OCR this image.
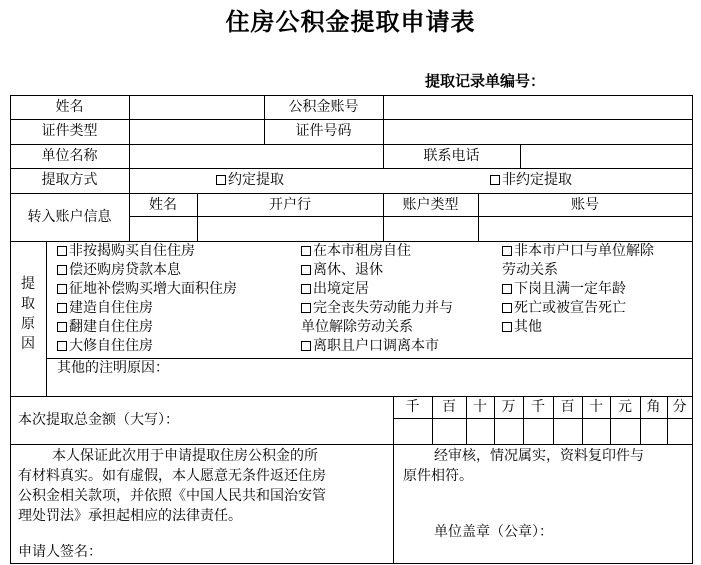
住房公积金提取申请表
提取记录单编号：
姓名	公积金账号
证件类型	证件号码
单位名称	联系电话
提取方式	约定提取	非约定提取
转入账户信息
姓名	开户行	账户类型	账号
提
取
原
因
非按揭购买自住住房
偿还购房贷款本息
征地补偿购买增大面积住房
建造自住住房
翻建自住住房
大修自住住房
在本市租房自住
离休、退休
出境定居
完全丧失劳动能力并与
单位解除劳动关系
离职且户口调离本市
非本市户口与单位解除
劳动关系
下岗且满一定年龄
死亡或被宣告死亡
其他
其他的注明原因：
本次提取总金额（大写）：
千	百	十	万	千	百	十	元	角 分
本人保证此次用于申请提取住房公积金的所
有材料真实。如有虚假，本人愿意无条件返还住房
公积金相关款项，并依照《中国人民共和国治安管
理处罚法》承担起相应的法律责任。
申请人签名：
经审核，情况属实，资料复印件与
原件相符。
单位盖章（公章）：
